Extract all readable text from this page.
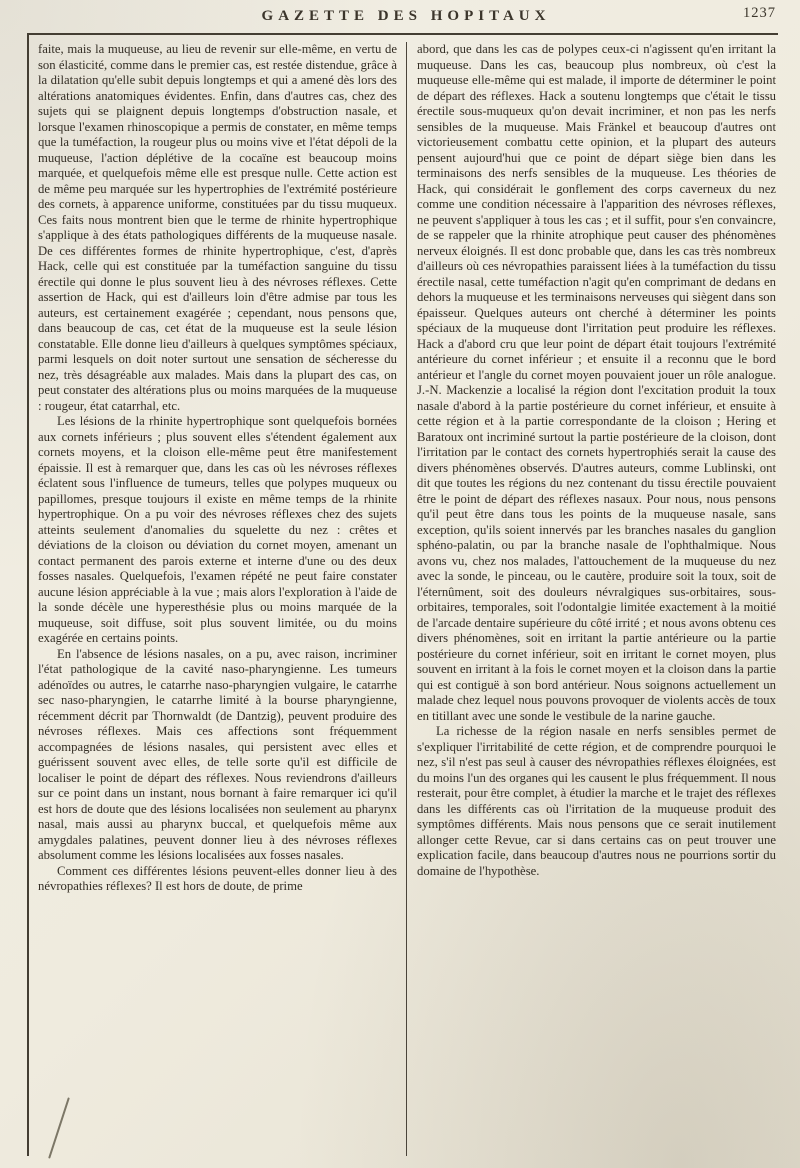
GAZETTE DES HOPITAUX	1237

faite, mais la muqueuse, au lieu de revenir sur elle-même, en vertu de son élasticité, comme dans le premier cas, est restée distendue, grâce à la dilatation qu'elle subit depuis longtemps et qui a amené dès lors des altérations anatomiques évidentes. Enfin, dans d'autres cas, chez des sujets qui se plaignent depuis longtemps d'obstruction nasale, et lorsque l'examen rhinoscopique a permis de constater, en même temps que la tuméfaction, la rougeur plus ou moins vive et l'état dépoli de la muqueuse, l'action déplétive de la cocaïne est beaucoup moins marquée, et quelquefois même elle est presque nulle. Cette action est de même peu marquée sur les hypertrophies de l'extrémité postérieure des cornets, à apparence uniforme, constituées par du tissu muqueux. Ces faits nous montrent bien que le terme de rhinite hypertrophique s'applique à des états pathologiques différents de la muqueuse nasale. De ces différentes formes de rhinite hypertrophique, c'est, d'après Hack, celle qui est constituée par la tuméfaction sanguine du tissu érectile qui donne le plus souvent lieu à des névroses réflexes. Cette assertion de Hack, qui est d'ailleurs loin d'être admise par tous les auteurs, est certainement exagérée ; cependant, nous pensons que, dans beaucoup de cas, cet état de la muqueuse est la seule lésion constatable. Elle donne lieu d'ailleurs à quelques symptômes spéciaux, parmi lesquels on doit noter surtout une sensation de sécheresse du nez, très désagréable aux malades. Mais dans la plupart des cas, on peut constater des altérations plus ou moins marquées de la muqueuse : rougeur, état catarrhal, etc.

Les lésions de la rhinite hypertrophique sont quelquefois bornées aux cornets inférieurs ; plus souvent elles s'étendent également aux cornets moyens, et la cloison elle-même peut être manifestement épaissie. Il est à remarquer que, dans les cas où les névroses réflexes éclatent sous l'influence de tumeurs, telles que polypes muqueux ou papillomes, presque toujours il existe en même temps de la rhinite hypertrophique. On a pu voir des névroses réflexes chez des sujets atteints seulement d'anomalies du squelette du nez : crêtes et déviations de la cloison ou déviation du cornet moyen, amenant un contact permanent des parois externe et interne d'une ou des deux fosses nasales. Quelquefois, l'examen répété ne peut faire constater aucune lésion appréciable à la vue ; mais alors l'exploration à l'aide de la sonde décèle une hyperesthésie plus ou moins marquée de la muqueuse, soit diffuse, soit plus souvent limitée, ou du moins exagérée en certains points.

En l'absence de lésions nasales, on a pu, avec raison, incriminer l'état pathologique de la cavité naso-pharyngienne. Les tumeurs adénoïdes ou autres, le catarrhe naso-pharyngien vulgaire, le catarrhe sec naso-pharyngien, le catarrhe limité à la bourse pharyngienne, récemment décrit par Thornwaldt (de Dantzig), peuvent produire des névroses réflexes. Mais ces affections sont fréquemment accompagnées de lésions nasales, qui persistent avec elles et guérissent souvent avec elles, de telle sorte qu'il est difficile de localiser le point de départ des réflexes. Nous reviendrons d'ailleurs sur ce point dans un instant, nous bornant à faire remarquer ici qu'il est hors de doute que des lésions localisées non seulement au pharynx nasal, mais aussi au pharynx buccal, et quelquefois même aux amygdales palatines, peuvent donner lieu à des névroses réflexes absolument comme les lésions localisées aux fosses nasales.

Comment ces différentes lésions peuvent-elles donner lieu à des névropathies réflexes? Il est hors de doute, de prime

abord, que dans les cas de polypes ceux-ci n'agissent qu'en irritant la muqueuse. Dans les cas, beaucoup plus nombreux, où c'est la muqueuse elle-même qui est malade, il importe de déterminer le point de départ des réflexes. Hack a soutenu longtemps que c'était le tissu érectile sous-muqueux qu'on devait incriminer, et non pas les nerfs sensibles de la muqueuse. Mais Fränkel et beaucoup d'autres ont victorieusement combattu cette opinion, et la plupart des auteurs pensent aujourd'hui que ce point de départ siège bien dans les terminaisons des nerfs sensibles de la muqueuse. Les théories de Hack, qui considérait le gonflement des corps caverneux du nez comme une condition nécessaire à l'apparition des névroses réflexes, ne peuvent s'appliquer à tous les cas ; et il suffit, pour s'en convaincre, de se rappeler que la rhinite atrophique peut causer des phénomènes nerveux éloignés. Il est donc probable que, dans les cas très nombreux d'ailleurs où ces névropathies paraissent liées à la tuméfaction du tissu érectile nasal, cette tuméfaction n'agit qu'en comprimant de dedans en dehors la muqueuse et les terminaisons nerveuses qui siègent dans son épaisseur. Quelques auteurs ont cherché à déterminer les points spéciaux de la muqueuse dont l'irritation peut produire les réflexes. Hack a d'abord cru que leur point de départ était toujours l'extrémité antérieure du cornet inférieur ; et ensuite il a reconnu que le bord antérieur et l'angle du cornet moyen pouvaient jouer un rôle analogue. J.-N. Mackenzie a localisé la région dont l'excitation produit la toux nasale d'abord à la partie postérieure du cornet inférieur, et ensuite à cette région et à la partie correspondante de la cloison ; Hering et Baratoux ont incriminé surtout la partie postérieure de la cloison, dont l'irritation par le contact des cornets hypertrophiés serait la cause des divers phénomènes observés. D'autres auteurs, comme Lublinski, ont dit que toutes les régions du nez contenant du tissu érectile pouvaient être le point de départ des réflexes nasaux. Pour nous, nous pensons qu'il peut être dans tous les points de la muqueuse nasale, sans exception, qu'ils soient innervés par les branches nasales du ganglion sphéno-palatin, ou par la branche nasale de l'ophthalmique. Nous avons vu, chez nos malades, l'attouchement de la muqueuse du nez avec la sonde, le pinceau, ou le cautère, produire soit la toux, soit de l'éternûment, soit des douleurs névralgiques sus-orbitaires, sous-orbitaires, temporales, soit l'odontalgie limitée exactement à la moitié de l'arcade dentaire supérieure du côté irrité ; et nous avons obtenu ces divers phénomènes, soit en irritant la partie antérieure ou la partie postérieure du cornet inférieur, soit en irritant le cornet moyen, plus souvent en irritant à la fois le cornet moyen et la cloison dans la partie qui est contiguë à son bord antérieur. Nous soignons actuellement un malade chez lequel nous pouvons provoquer de violents accès de toux en titillant avec une sonde le vestibule de la narine gauche.

La richesse de la région nasale en nerfs sensibles permet de s'expliquer l'irritabilité de cette région, et de comprendre pourquoi le nez, s'il n'est pas seul à causer des névropathies réflexes éloignées, est du moins l'un des organes qui les causent le plus fréquemment. Il nous resterait, pour être complet, à étudier la marche et le trajet des réflexes dans les différents cas où l'irritation de la muqueuse produit des symptômes différents. Mais nous pensons que ce serait inutilement allonger cette Revue, car si dans certains cas on peut trouver une explication facile, dans beaucoup d'autres nous ne pourrions sortir du domaine de l'hypothèse.
